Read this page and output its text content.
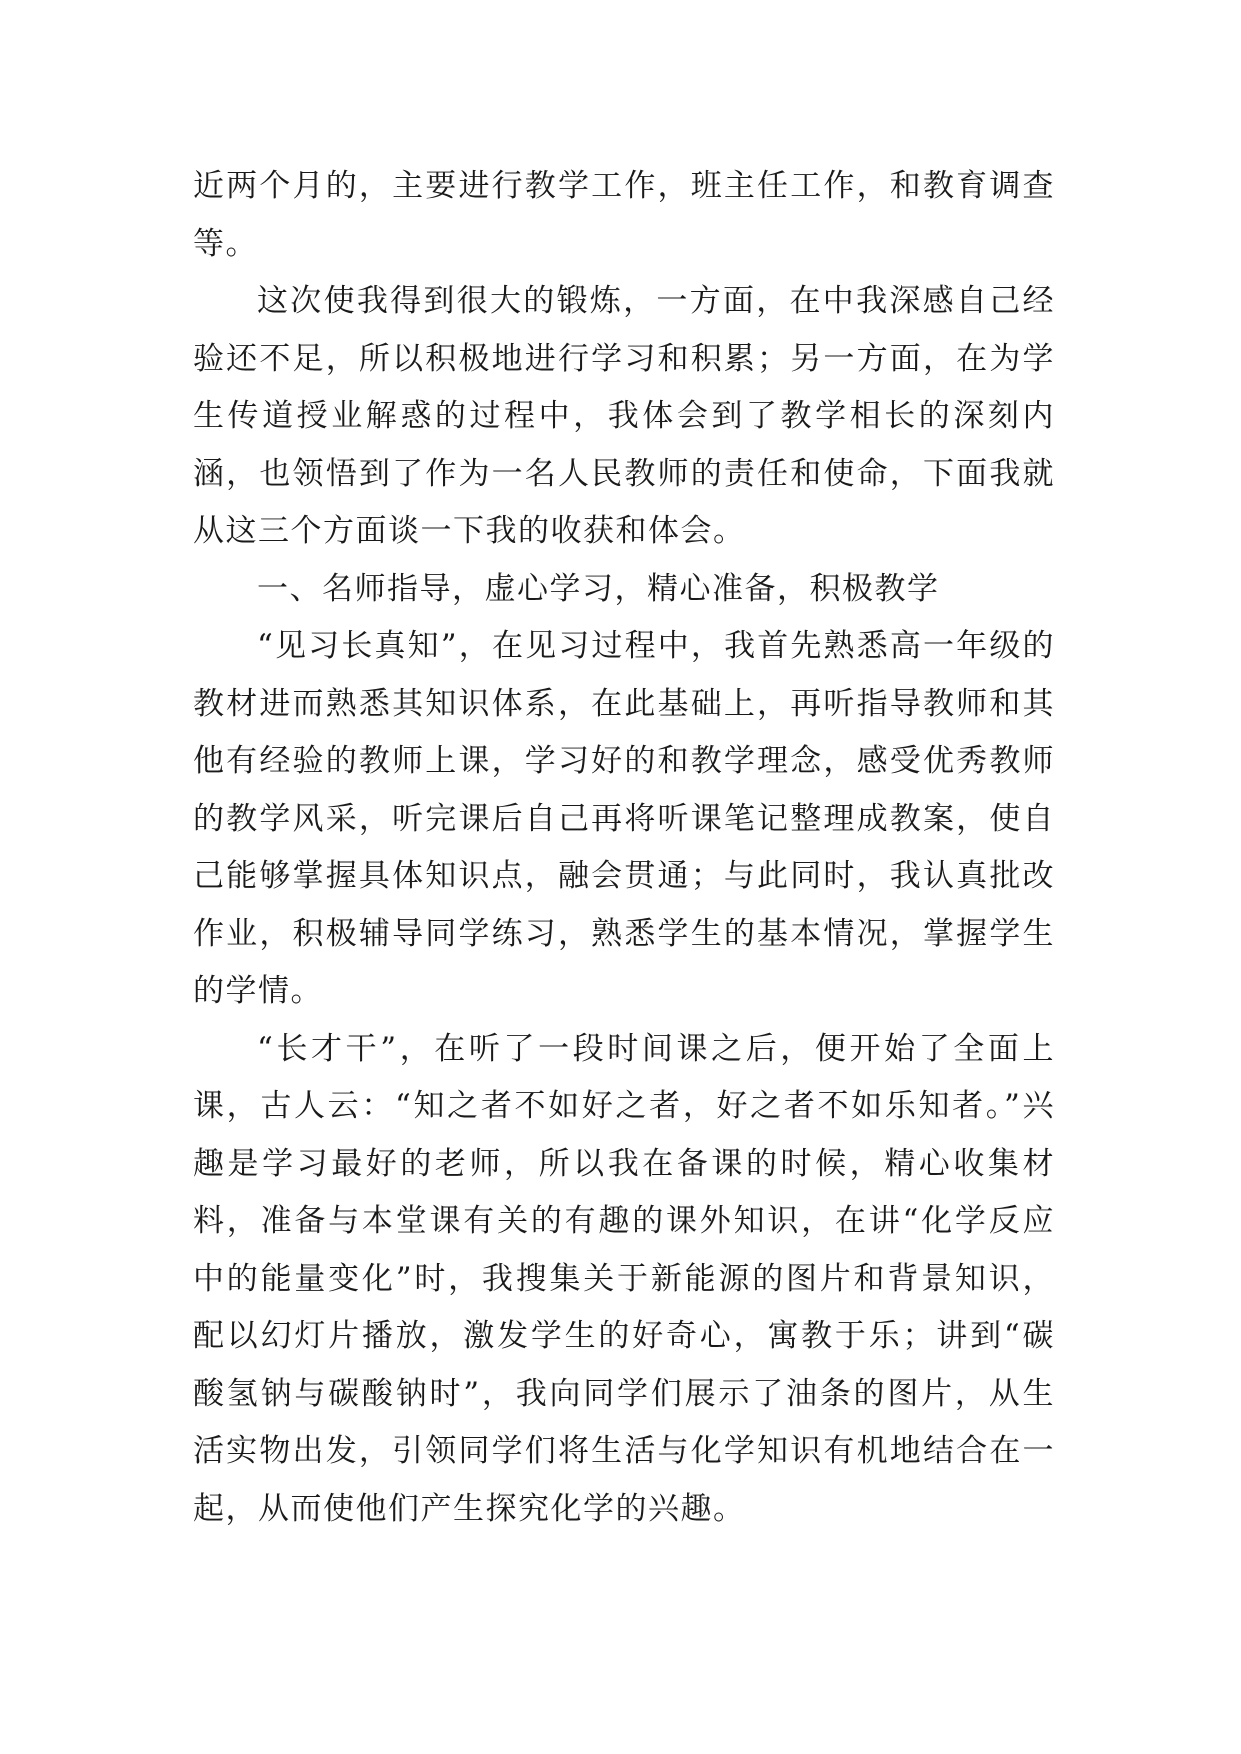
近两个月的，主要进行教学工作，班主任工作，和教育调查等。

这次使我得到很大的锻炼，一方面，在中我深感自己经验还不足，所以积极地进行学习和积累；另一方面，在为学生传道授业解惑的过程中，我体会到了教学相长的深刻内涵，也领悟到了作为一名人民教师的责任和使命，下面我就从这三个方面谈一下我的收获和体会。

一、名师指导，虚心学习，精心准备，积极教学

“见习长真知”，在见习过程中，我首先熟悉高一年级的教材进而熟悉其知识体系，在此基础上，再听指导教师和其他有经验的教师上课，学习好的和教学理念，感受优秀教师的教学风采，听完课后自己再将听课笔记整理成教案，使自己能够掌握具体知识点，融会贯通；与此同时，我认真批改作业，积极辅导同学练习，熟悉学生的基本情况，掌握学生的学情。

“长才干”，在听了一段时间课之后，便开始了全面上课，古人云：“知之者不如好之者，好之者不如乐知者。”兴趣是学习最好的老师，所以我在备课的时候，精心收集材料，准备与本堂课有关的有趣的课外知识，在讲“化学反应中的能量变化”时，我搜集关于新能源的图片和背景知识，配以幻灯片播放，激发学生的好奇心，寓教于乐；讲到“碳酸氢钠与碳酸钠时”，我向同学们展示了油条的图片，从生活实物出发，引领同学们将生活与化学知识有机地结合在一起，从而使他们产生探究化学的兴趣。
